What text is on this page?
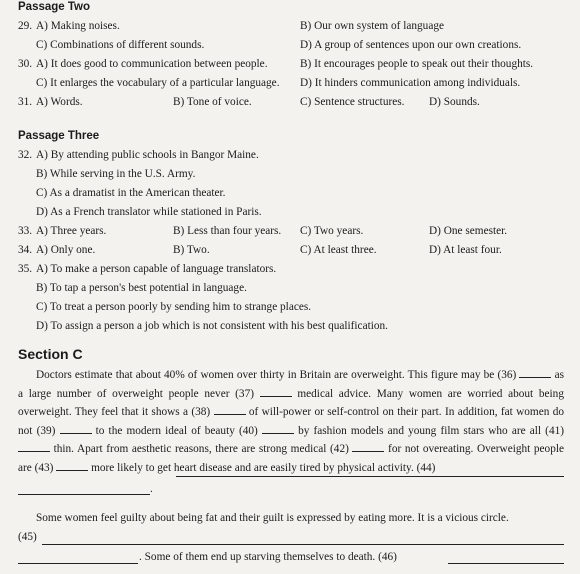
Passage Two
29. A) Making noises.	B) Our own system of language
C) Combinations of different sounds.	D) A group of sentences upon our own creations.
30. A) It does good to communication between people.	B) It encourages people to speak out their thoughts.
C) It enlarges the vocabulary of a particular language. D) It hinders communication among individuals.
31. A) Words.	B) Tone of voice.	C) Sentence structures. D) Sounds.
Passage Three
32. A) By attending public schools in Bangor Maine.
B) While serving in the U.S. Army.
C) As a dramatist in the American theater.
D) As a French translator while stationed in Paris.
33. A) Three years.	B) Less than four years. C) Two years.	D) One semester.
34. A) Only one.	B) Two.	C) At least three.	D) At least four.
35. A) To make a person capable of language translators.
B) To tap a person's best potential in language.
C) To treat a person poorly by sending him to strange places.
D) To assign a person a job which is not consistent with his best qualification.
Section C
Doctors estimate that about 40% of women over thirty in Britain are overweight. This figure may be (36)	as a large number of overweight people never (37)	medical advice. Many women are worried about being overweight. They feel that it shows a (38)	of will-power or self-control on their part. In addition, fat women do not (39)	to the modern ideal of beauty (40)	by fashion models and young film stars who are all (41)  thin. Apart from aesthetic reasons, there are strong medical (42)	for not overeating. Overweight people are (43)	more likely to get heart disease and are easily tired by physical activity. (44)
.
Some women feel guilty about being fat and their guilt is expressed by eating more. It is a vicious circle.
(45)
. Some of them end up starving themselves to death. (46)
